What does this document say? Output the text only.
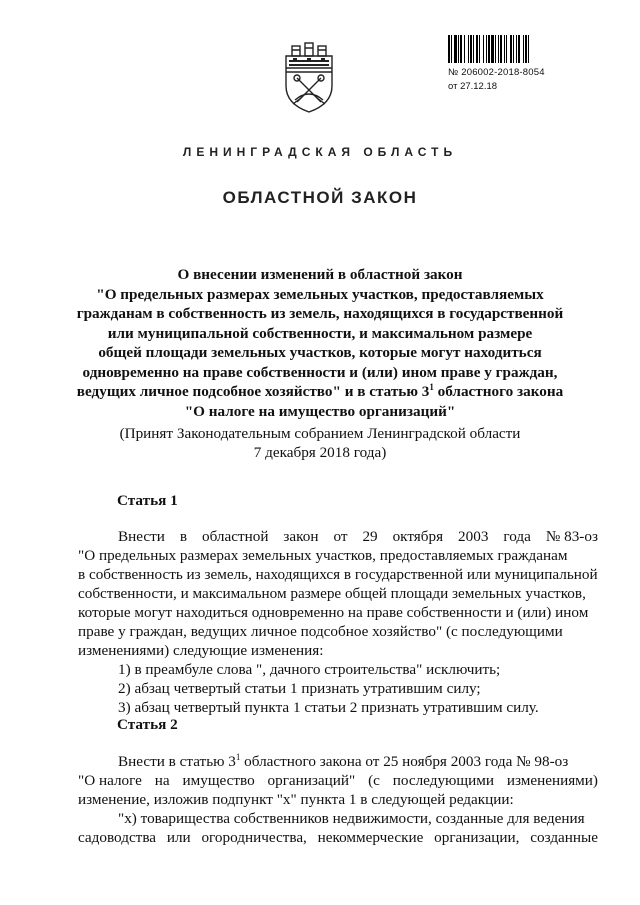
№ 206002-2018-8054
от 27.12.18
ЛЕНИНГРАДСКАЯ ОБЛАСТЬ
ОБЛАСТНОЙ ЗАКОН
О внесении изменений в областной закон
"О предельных размерах земельных участков, предоставляемых
гражданам в собственность из земель, находящихся в государственной
или муниципальной собственности, и максимальном размере
общей площади земельных участков, которые могут находиться
одновременно на праве собственности и (или) ином праве у граждан,
ведущих личное подсобное хозяйство" и в статью $3^1$ областного закона
"О налоге на имущество организаций"
(Принят Законодательным собранием Ленинградской области
7 декабря 2018 года)
Статья 1
Внести в областной закон от 29 октября 2003 года № 83-оз
"О предельных размерах земельных участков, предоставляемых гражданам
в собственность из земель, находящихся в государственной или муниципальной
собственности, и максимальном размере общей площади земельных участков,
которые могут находиться одновременно на праве собственности и (или) ином
праве у граждан, ведущих личное подсобное хозяйство" (с последующими
изменениями) следующие изменения:
1) в преамбуле слова ", дачного строительства" исключить;
2) абзац четвертый статьи 1 признать утратившим силу;
3) абзац четвертый пункта 1 статьи 2 признать утратившим силу.
Статья 2
Внести в статью $3^1$ областного закона от 25 ноября 2003 года № 98-оз
"О налоге на имущество организаций" (с последующими изменениями)
изменение, изложив подпункт "х" пункта 1 в следующей редакции:
"х) товарищества собственников недвижимости, созданные для ведения
садоводства или огородничества, некоммерческие организации, созданные
